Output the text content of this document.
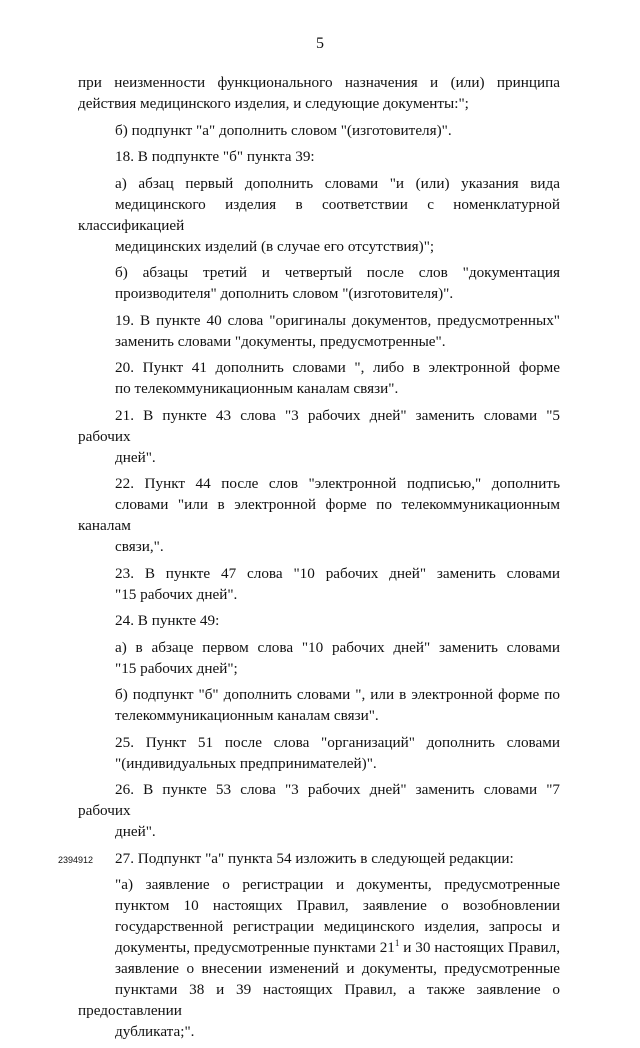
5
при неизменности функционального назначения и (или) принципа
действия медицинского изделия, и следующие документы:";
б) подпункт "а" дополнить словом "(изготовителя)".
18. В подпункте "б" пункта 39:
а) абзац первый дополнить словами "и (или) указания вида
медицинского изделия в соответствии с номенклатурной классификацией
медицинских изделий (в случае его отсутствия)";
б) абзацы третий и четвертый после слов "документация
производителя" дополнить словом "(изготовителя)".
19. В пункте 40 слова "оригиналы документов, предусмотренных"
заменить словами "документы, предусмотренные".
20. Пункт 41 дополнить словами ", либо в электронной форме
по телекоммуникационным каналам связи".
21. В пункте 43 слова "3 рабочих дней" заменить словами "5 рабочих
дней".
22. Пункт 44 после слов "электронной подписью," дополнить
словами "или в электронной форме по телекоммуникационным каналам
связи,".
23. В пункте 47 слова "10 рабочих дней" заменить словами
"15 рабочих дней".
24. В пункте 49:
а) в абзаце первом слова "10 рабочих дней" заменить словами
"15 рабочих дней";
б) подпункт "б" дополнить словами ", или в электронной форме по
телекоммуникационным каналам связи".
25. Пункт 51 после слова "организаций" дополнить словами
"(индивидуальных предпринимателей)".
26. В пункте 53 слова "3 рабочих дней" заменить словами "7 рабочих
дней".
27. Подпункт "а" пункта 54 изложить в следующей редакции:
"а) заявление о регистрации и документы, предусмотренные
пунктом 10 настоящих Правил, заявление о возобновлении
государственной регистрации медицинского изделия, запросы и
документы, предусмотренные пунктами $21^1$ и 30 настоящих Правил,
заявление о внесении изменений и документы, предусмотренные
пунктами 38 и 39 настоящих Правил, а также заявление о предоставлении
дубликата;".
2394912
